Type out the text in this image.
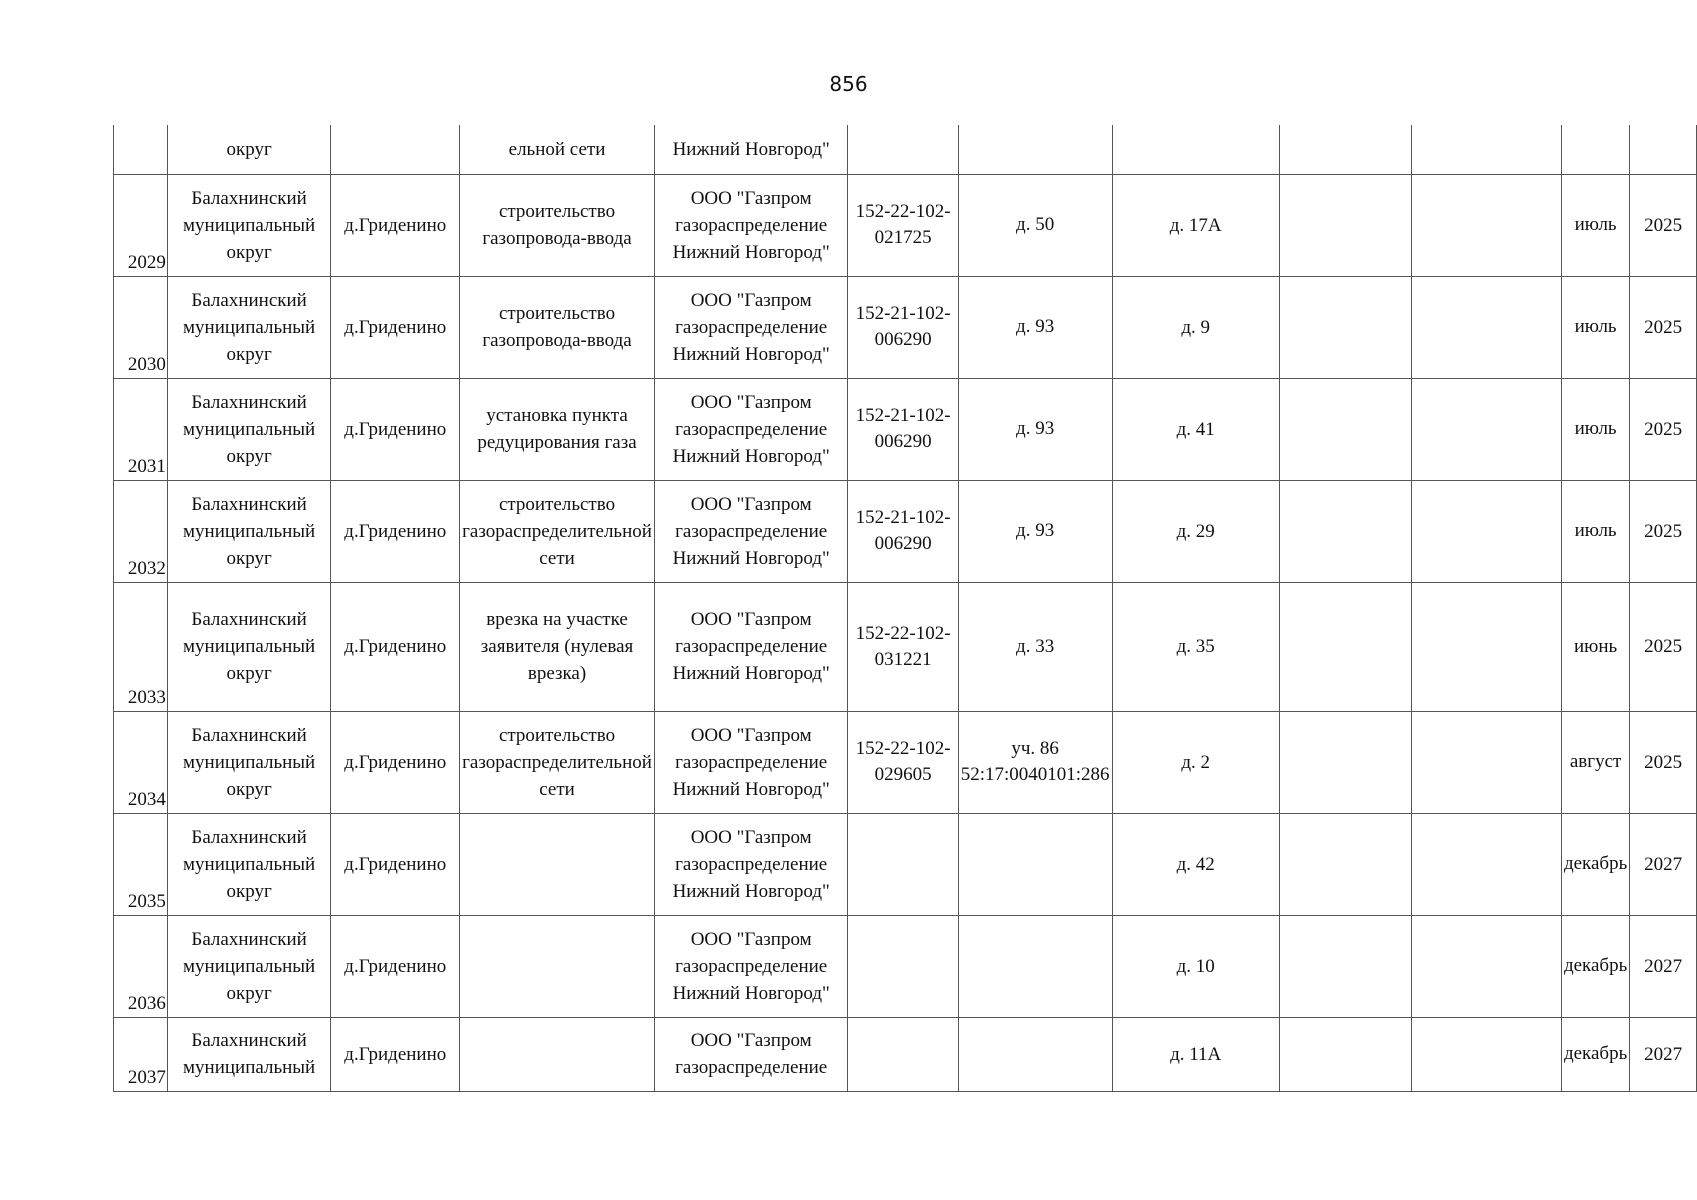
856
	округ		ельной сети	Нижний Новгород"							
2029	Балахнинский муниципальный округ	д.Гриденино	строительство газопровода-ввода	ООО "Газпром газораспределение Нижний Новгород"	152-22-102-021725	д. 50	д. 17А			июль	2025
2030	Балахнинский муниципальный округ	д.Гриденино	строительство газопровода-ввода	ООО "Газпром газораспределение Нижний Новгород"	152-21-102-006290	д. 93	д. 9			июль	2025
2031	Балахнинский муниципальный округ	д.Гриденино	установка пункта редуцирования газа	ООО "Газпром газораспределение Нижний Новгород"	152-21-102-006290	д. 93	д. 41			июль	2025
2032	Балахнинский муниципальный округ	д.Гриденино	строительство газораспределительной сети	ООО "Газпром газораспределение Нижний Новгород"	152-21-102-006290	д. 93	д. 29			июль	2025
2033	Балахнинский муниципальный округ	д.Гриденино	врезка на участке заявителя (нулевая врезка)	ООО "Газпром газораспределение Нижний Новгород"	152-22-102-031221	д. 33	д. 35			июнь	2025
2034	Балахнинский муниципальный округ	д.Гриденино	строительство газораспределительной сети	ООО "Газпром газораспределение Нижний Новгород"	152-22-102-029605	уч. 86 52:17:0040101:286	д. 2			август	2025
2035	Балахнинский муниципальный округ	д.Гриденино		ООО "Газпром газораспределение Нижний Новгород"			д. 42			декабрь	2027
2036	Балахнинский муниципальный округ	д.Гриденино		ООО "Газпром газораспределение Нижний Новгород"			д. 10			декабрь	2027
2037	Балахнинский муниципальный	д.Гриденино		ООО "Газпром газораспределение			д. 11А			декабрь	2027
